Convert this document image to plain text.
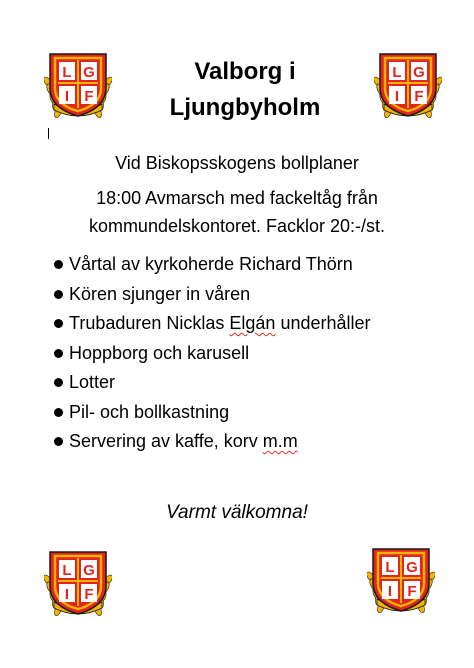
L G
I F
L G
I F
L G
I F
L G
I F
Valborg i
Ljungbyholm
Vid Biskopsskogens bollplaner
18:00 Avmarsch med fackeltåg från
kommundelskontoret. Facklor 20:-/st.
Vårtal av kyrkoherde Richard Thörn
Kören sjunger in våren
Trubaduren Nicklas Elgán underhåller
Hoppborg och karusell
Lotter
Pil- och bollkastning
Servering av kaffe, korv m.m
Varmt välkomna!
